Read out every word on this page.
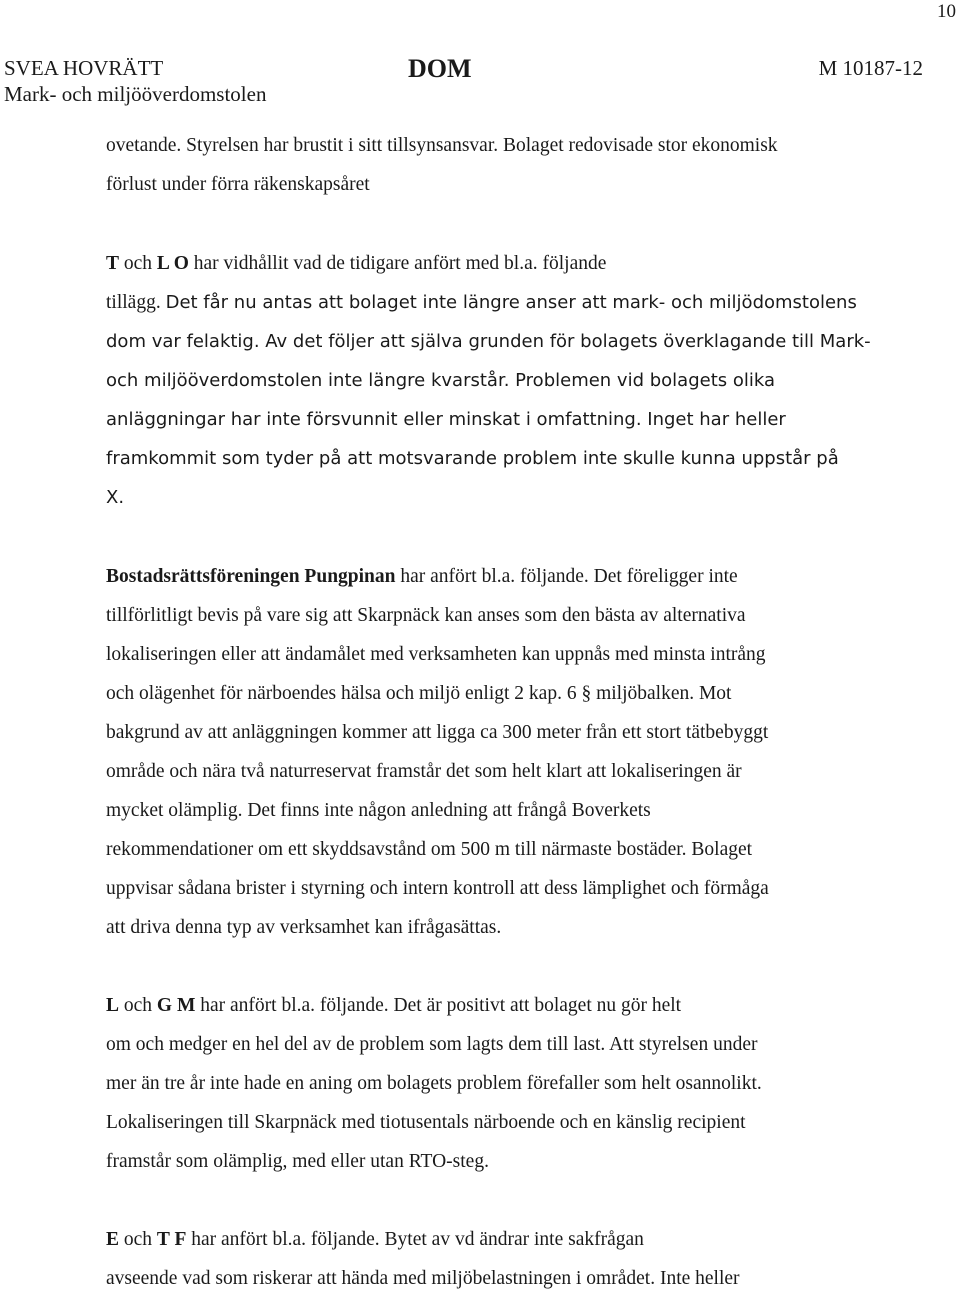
10
SVEA HOVRÄTT
Mark- och miljööverdomstolen
DOM	M 10187-12
ovetande. Styrelsen har brustit i sitt tillsynsansvar. Bolaget redovisade stor ekonomisk
förlust under förra räkenskapsåret
T och L O har vidhållit vad de tidigare anfört med bl.a. följande
tillägg. Det får nu antas att bolaget inte längre anser att mark- och miljödomstolens
dom var felaktig. Av det följer att själva grunden för bolagets överklagande till Mark-
och miljööverdomstolen inte längre kvarstår. Problemen vid bolagets olika
anläggningar har inte försvunnit eller minskat i omfattning. Inget har heller
framkommit som tyder på att motsvarande problem inte skulle kunna uppstår på
X.
Bostadsrättsföreningen Pungpinan har anfört bl.a. följande. Det föreligger inte
tillförlitligt bevis på vare sig att Skarpnäck kan anses som den bästa av alternativa
lokaliseringen eller att ändamålet med verksamheten kan uppnås med minsta intrång
och olägenhet för närboendes hälsa och miljö enligt 2 kap. 6 § miljöbalken. Mot
bakgrund av att anläggningen kommer att ligga ca 300 meter från ett stort tätbebyggt
område och nära två naturreservat framstår det som helt klart att lokaliseringen är
mycket olämplig. Det finns inte någon anledning att frångå Boverkets
rekommendationer om ett skyddsavstånd om 500 m till närmaste bostäder. Bolaget
uppvisar sådana brister i styrning och intern kontroll att dess lämplighet och förmåga
att driva denna typ av verksamhet kan ifrågasättas.
L och G M har anfört bl.a. följande. Det är positivt att bolaget nu gör helt
om och medger en hel del av de problem som lagts dem till last. Att styrelsen under
mer än tre år inte hade en aning om bolagets problem förefaller som helt osannolikt.
Lokaliseringen till Skarpnäck med tiotusentals närboende och en känslig recipient
framstår som olämplig, med eller utan RTO-steg.
E och T F har anfört bl.a. följande. Bytet av vd ändrar inte sakfrågan
avseende vad som riskerar att hända med miljöbelastningen i området. Inte heller
